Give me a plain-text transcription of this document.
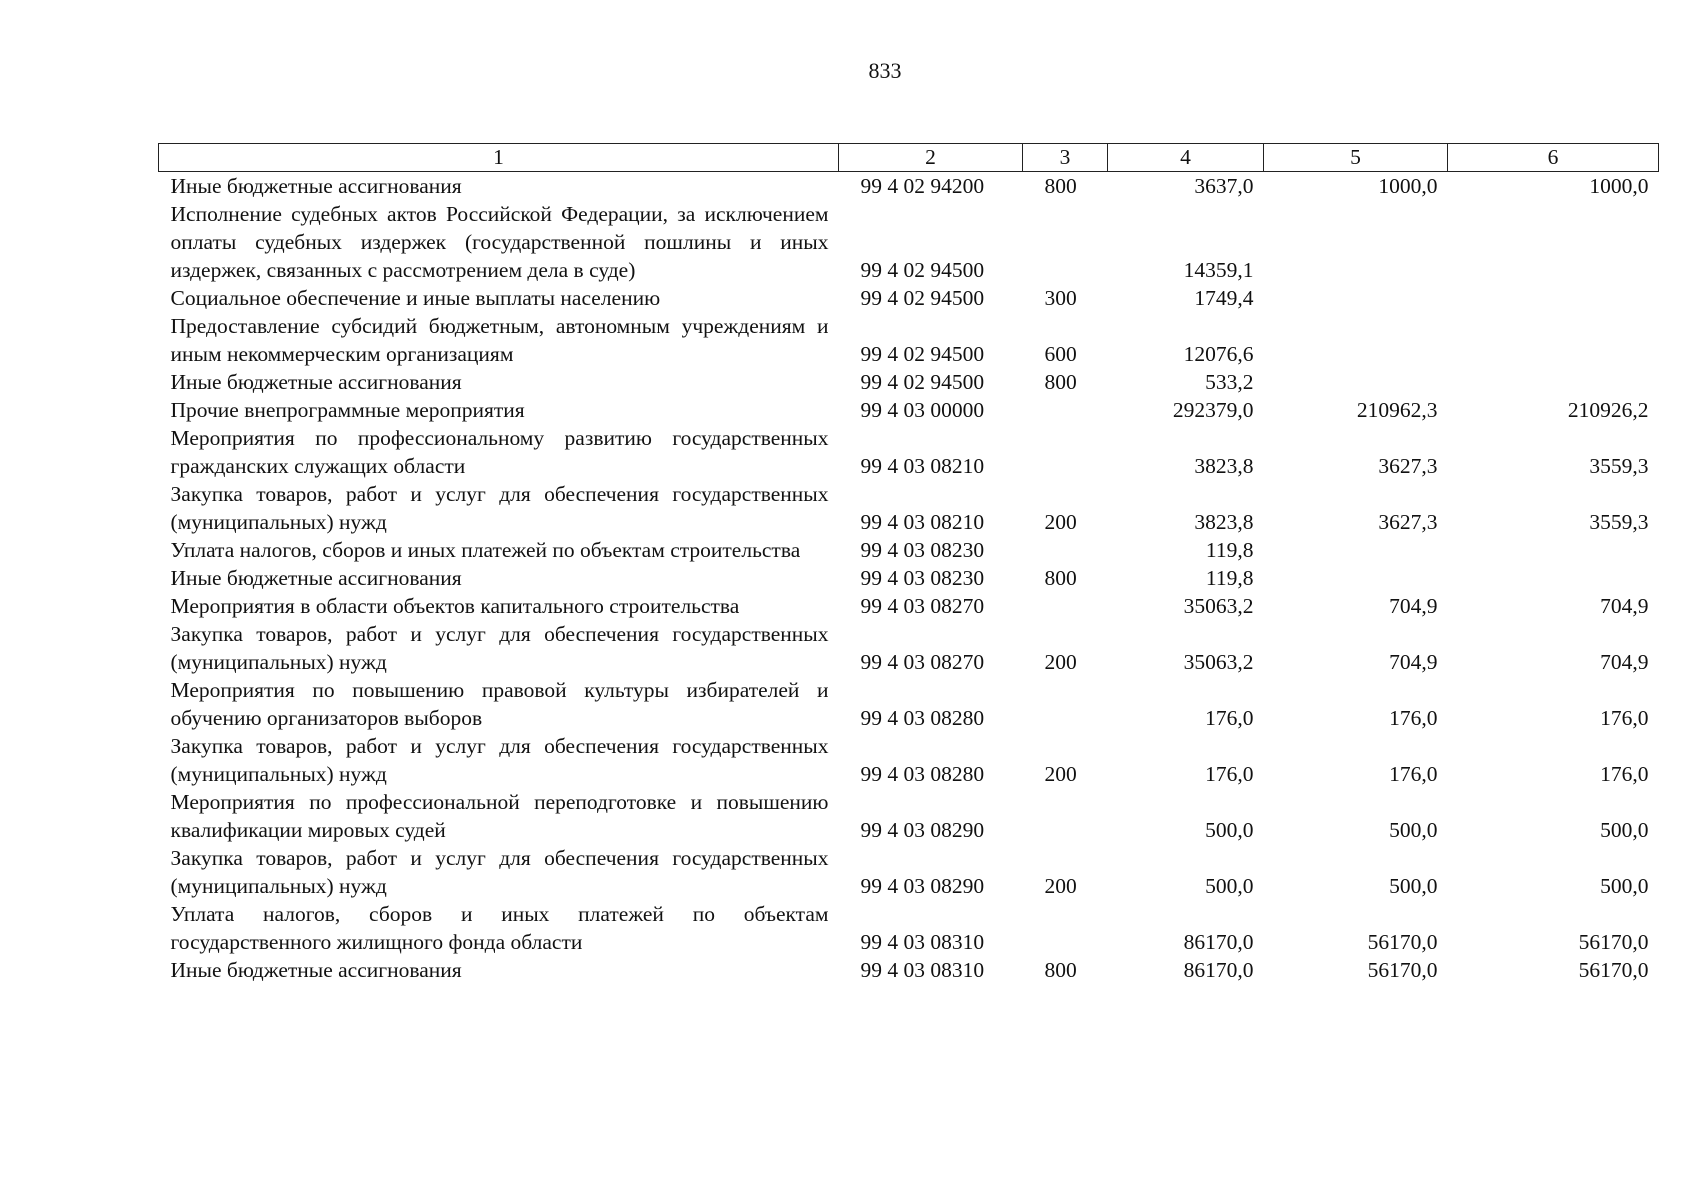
833
1	2	3	4	5	6
Иные бюджетные ассигнования	99 4 02 94200	800	3637,0	1000,0	1000,0
Исполнение судебных актов Российской Федерации, за исключением оплаты судебных издержек (государственной пошлины и иных издержек, связанных с рассмотрением дела в суде)	99 4 02 94500		14359,1		
Социальное обеспечение и иные выплаты населению	99 4 02 94500	300	1749,4		
Предоставление субсидий бюджетным, автономным учреждениям и иным некоммерческим организациям	99 4 02 94500	600	12076,6		
Иные бюджетные ассигнования	99 4 02 94500	800	533,2		
Прочие внепрограммные мероприятия	99 4 03 00000		292379,0	210962,3	210926,2
Мероприятия по профессиональному развитию государственных гражданских служащих области	99 4 03 08210		3823,8	3627,3	3559,3
Закупка товаров, работ и услуг для обеспечения государственных (муниципальных) нужд	99 4 03 08210	200	3823,8	3627,3	3559,3
Уплата налогов, сборов и иных платежей по объектам строительства	99 4 03 08230		119,8		
Иные бюджетные ассигнования	99 4 03 08230	800	119,8		
Мероприятия в области объектов капитального строительства	99 4 03 08270		35063,2	704,9	704,9
Закупка товаров, работ и услуг для обеспечения государственных (муниципальных) нужд	99 4 03 08270	200	35063,2	704,9	704,9
Мероприятия по повышению правовой культуры избирателей и обучению организаторов выборов	99 4 03 08280		176,0	176,0	176,0
Закупка товаров, работ и услуг для обеспечения государственных (муниципальных) нужд	99 4 03 08280	200	176,0	176,0	176,0
Мероприятия по профессиональной переподготовке и повышению квалификации мировых судей	99 4 03 08290		500,0	500,0	500,0
Закупка товаров, работ и услуг для обеспечения государственных (муниципальных) нужд	99 4 03 08290	200	500,0	500,0	500,0
Уплата налогов, сборов и иных платежей по объектам государственного жилищного фонда области	99 4 03 08310		86170,0	56170,0	56170,0
Иные бюджетные ассигнования	99 4 03 08310	800	86170,0	56170,0	56170,0
